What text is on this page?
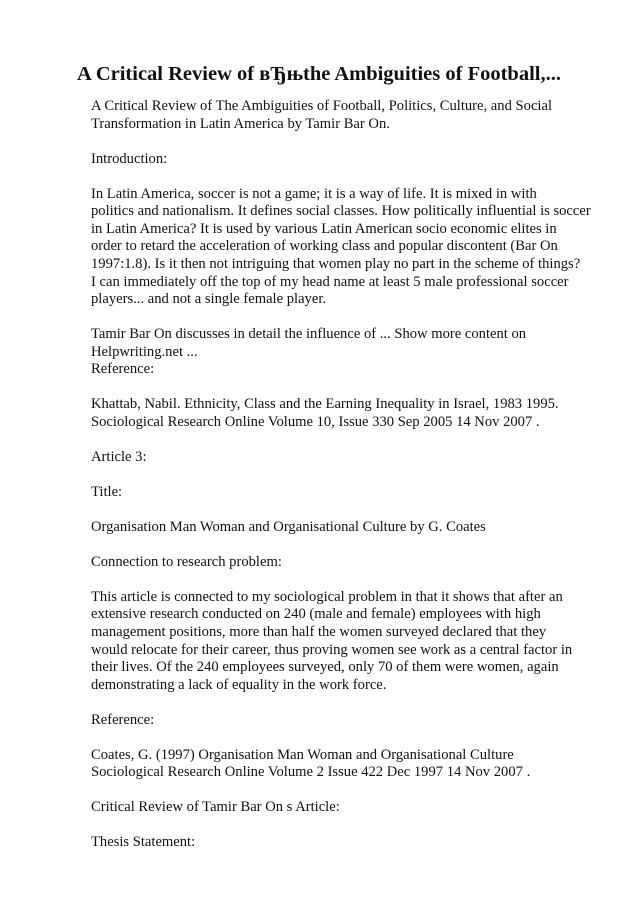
A Critical Review of вЂњthe Ambiguities of Football,...

A Critical Review of The Ambiguities of Football, Politics, Culture, and Social
Transformation in Latin America by Tamir Bar On.

Introduction:

In Latin America, soccer is not a game; it is a way of life. It is mixed in with
politics and nationalism. It defines social classes. How politically influential is soccer
in Latin America? It is used by various Latin American socio economic elites in
order to retard the acceleration of working class and popular discontent (Bar On
1997:1.8). Is it then not intriguing that women play no part in the scheme of things?
I can immediately off the top of my head name at least 5 male professional soccer
players... and not a single female player.

Tamir Bar On discusses in detail the influence of ... Show more content on
Helpwriting.net ...
Reference:

Khattab, Nabil. Ethnicity, Class and the Earning Inequality in Israel, 1983 1995.
Sociological Research Online Volume 10, Issue 330 Sep 2005 14 Nov 2007 .

Article 3:

Title:

Organisation Man Woman and Organisational Culture by G. Coates

Connection to research problem:

This article is connected to my sociological problem in that it shows that after an
extensive research conducted on 240 (male and female) employees with high
management positions, more than half the women surveyed declared that they
would relocate for their career, thus proving women see work as a central factor in
their lives. Of the 240 employees surveyed, only 70 of them were women, again
demonstrating a lack of equality in the work force.

Reference:

Coates, G. (1997) Organisation Man Woman and Organisational Culture
Sociological Research Online Volume 2 Issue 422 Dec 1997 14 Nov 2007 .

Critical Review of Tamir Bar On s Article:

Thesis Statement:
